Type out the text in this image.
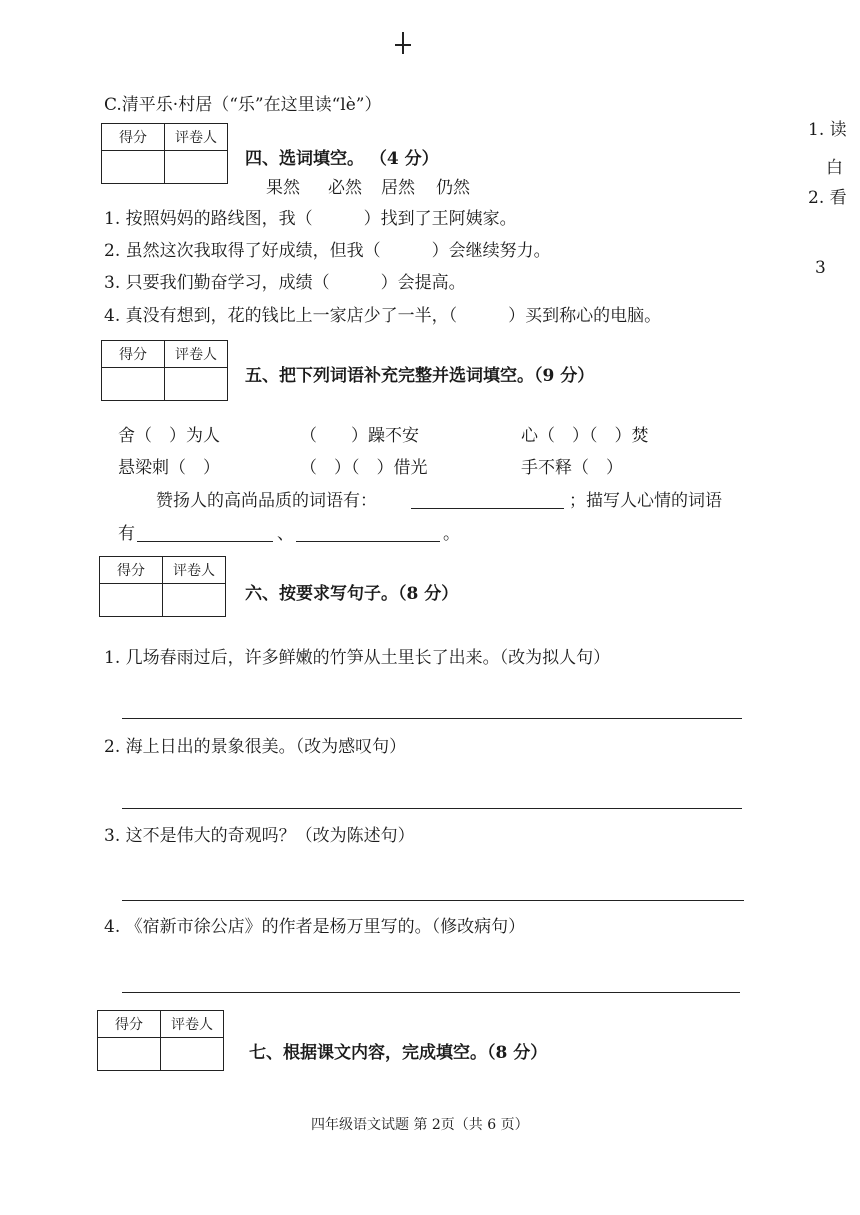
C.清平乐·村居（“乐”在这里读“lè”）
1. 读
白
2. 看
3
得分	评卷人

四、选词填空。 （4 分）
果然 必然 居然 仍然
1. 按照妈妈的路线图，我（　　　）找到了王阿姨家。
2. 虽然这次我取得了好成绩，但我（　　　）会继续努力。
3. 只要我们勤奋学习，成绩（　　　）会提高。
4. 真没有想到，花的钱比上一家店少了一半，（　　　）买到称心的电脑。
得分	评卷人

五、把下列词语补充完整并选词填空。（9 分）
舍（　）为人	（　　）躁不安	心（　）（　）焚
悬梁刺（　）	（　）（　）借光	手不释（　）
赞扬人的高尚品质的词语有：	；描写人心情的词语
有	、	。
得分	评卷人

六、按要求写句子。（8 分）
1. 几场春雨过后，许多鲜嫩的竹笋从土里长了出来。（改为拟人句）
2. 海上日出的景象很美。（改为感叹句）
3. 这不是伟大的奇观吗？（改为陈述句）
4. 《宿新市徐公店》的作者是杨万里写的。（修改病句）
得分	评卷人

七、根据课文内容，完成填空。（8 分）
四年级语文试题 第 2页（共 6 页）
